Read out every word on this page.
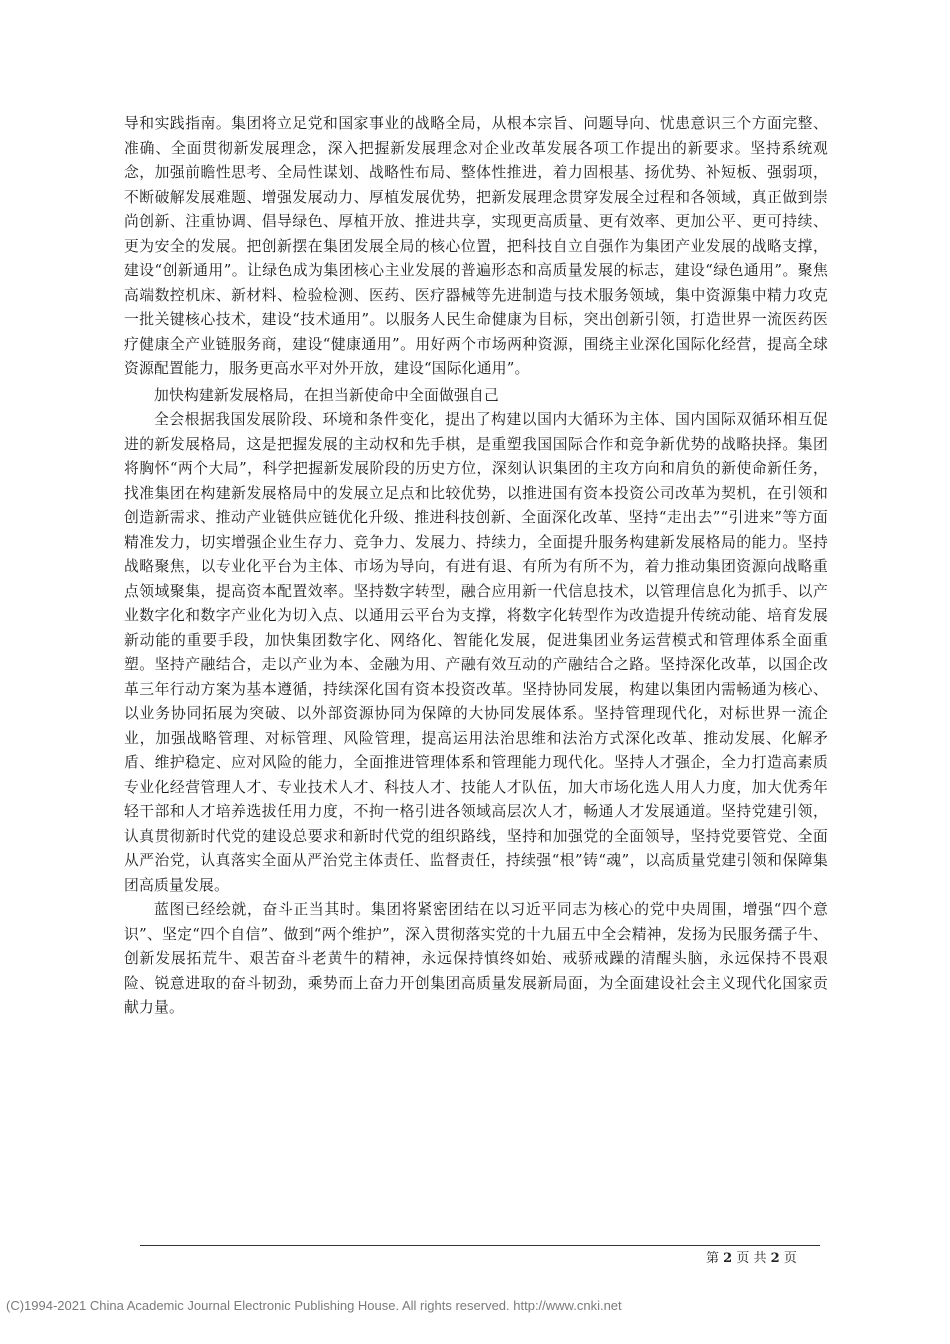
导和实践指南。集团将立足党和国家事业的战略全局，从根本宗旨、问题导向、忧患意识三个方面完整、准确、全面贯彻新发展理念，深入把握新发展理念对企业改革发展各项工作提出的新要求。坚持系统观念，加强前瞻性思考、全局性谋划、战略性布局、整体性推进，着力固根基、扬优势、补短板、强弱项，不断破解发展难题、增强发展动力、厚植发展优势，把新发展理念贯穿发展全过程和各领域，真正做到崇尚创新、注重协调、倡导绿色、厚植开放、推进共享，实现更高质量、更有效率、更加公平、更可持续、更为安全的发展。把创新摆在集团发展全局的核心位置，把科技自立自强作为集团产业发展的战略支撑，建设“创新通用”。让绿色成为集团核心主业发展的普遍形态和高质量发展的标志，建设“绿色通用”。聚焦高端数控机床、新材料、检验检测、医药、医疗器械等先进制造与技术服务领域，集中资源集中精力攻克一批关键核心技术，建设“技术通用”。以服务人民生命健康为目标，突出创新引领，打造世界一流医药医疗健康全产业链服务商，建设“健康通用”。用好两个市场两种资源，围绕主业深化国际化经营，提高全球资源配置能力，服务更高水平对外开放，建设“国际化通用”。

加快构建新发展格局，在担当新使命中全面做强自己

全会根据我国发展阶段、环境和条件变化，提出了构建以国内大循环为主体、国内国际双循环相互促进的新发展格局，这是把握发展的主动权和先手棋，是重塑我国国际合作和竞争新优势的战略抉择。集团将胸怀“两个大局”，科学把握新发展阶段的历史方位，深刻认识集团的主攻方向和肩负的新使命新任务，找准集团在构建新发展格局中的发展立足点和比较优势，以推进国有资本投资公司改革为契机，在引领和创造新需求、推动产业链供应链优化升级、推进科技创新、全面深化改革、坚持“走出去”“引进来”等方面精准发力，切实增强企业生存力、竞争力、发展力、持续力，全面提升服务构建新发展格局的能力。坚持战略聚焦，以专业化平台为主体、市场为导向，有进有退、有所为有所不为，着力推动集团资源向战略重点领域聚集，提高资本配置效率。坚持数字转型，融合应用新一代信息技术，以管理信息化为抓手、以产业数字化和数字产业化为切入点、以通用云平台为支撑，将数字化转型作为改造提升传统动能、培育发展新动能的重要手段，加快集团数字化、网络化、智能化发展，促进集团业务运营模式和管理体系全面重塑。坚持产融结合，走以产业为本、金融为用、产融有效互动的产融结合之路。坚持深化改革，以国企改革三年行动方案为基本遵循，持续深化国有资本投资改革。坚持协同发展，构建以集团内需畅通为核心、以业务协同拓展为突破、以外部资源协同为保障的大协同发展体系。坚持管理现代化，对标世界一流企业，加强战略管理、对标管理、风险管理，提高运用法治思维和法治方式深化改革、推动发展、化解矛盾、维护稳定、应对风险的能力，全面推进管理体系和管理能力现代化。坚持人才强企，全力打造高素质专业化经营管理人才、专业技术人才、科技人才、技能人才队伍，加大市场化选人用人力度，加大优秀年轻干部和人才培养选拔任用力度，不拘一格引进各领域高层次人才，畅通人才发展通道。坚持党建引领，认真贯彻新时代党的建设总要求和新时代党的组织路线，坚持和加强党的全面领导，坚持党要管党、全面从严治党，认真落实全面从严治党主体责任、监督责任，持续强“根”铸“魂”，以高质量党建引领和保障集团高质量发展。

蓝图已经绘就，奋斗正当其时。集团将紧密团结在以习近平同志为核心的党中央周围，增强“四个意识”、坚定“四个自信”、做到“两个维护”，深入贯彻落实党的十九届五中全会精神，发扬为民服务孺子牛、创新发展拓荒牛、艰苦奋斗老黄牛的精神，永远保持慎终如始、戒骄戒躁的清醒头脑，永远保持不畏艰险、锐意进取的奋斗韧劲，乘势而上奋力开创集团高质量发展新局面，为全面建设社会主义现代化国家贡献力量。

第 2 页 共 2 页
(C)1994-2021 China Academic Journal Electronic Publishing House. All rights reserved. http://www.cnki.net
